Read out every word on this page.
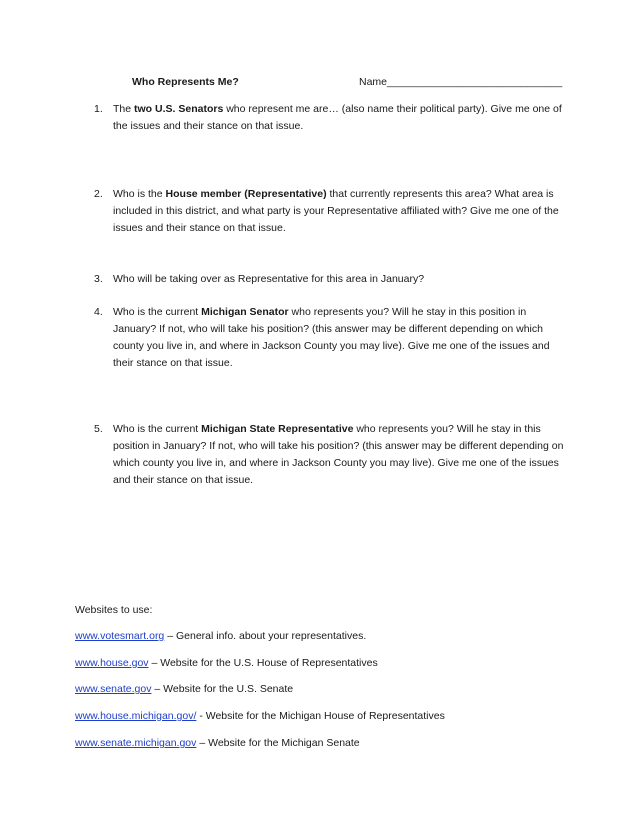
Who Represents Me?	Name______________________________
1. The two U.S. Senators who represent me are… (also name their political party). Give me one of the issues and their stance on that issue.
2. Who is the House member (Representative) that currently represents this area? What area is included in this district, and what party is your Representative affiliated with? Give me one of the issues and their stance on that issue.
3. Who will be taking over as Representative for this area in January?
4. Who is the current Michigan Senator who represents you? Will he stay in this position in January? If not, who will take his position? (this answer may be different depending on which county you live in, and where in Jackson County you may live). Give me one of the issues and their stance on that issue.
5. Who is the current Michigan State Representative who represents you? Will he stay in this position in January? If not, who will take his position? (this answer may be different depending on which county you live in, and where in Jackson County you may live). Give me one of the issues and their stance on that issue.
Websites to use:
www.votesmart.org – General info. about your representatives.
www.house.gov – Website for the U.S. House of Representatives
www.senate.gov – Website for the U.S. Senate
www.house.michigan.gov/ - Website for the Michigan House of Representatives
www.senate.michigan.gov – Website for the Michigan Senate
